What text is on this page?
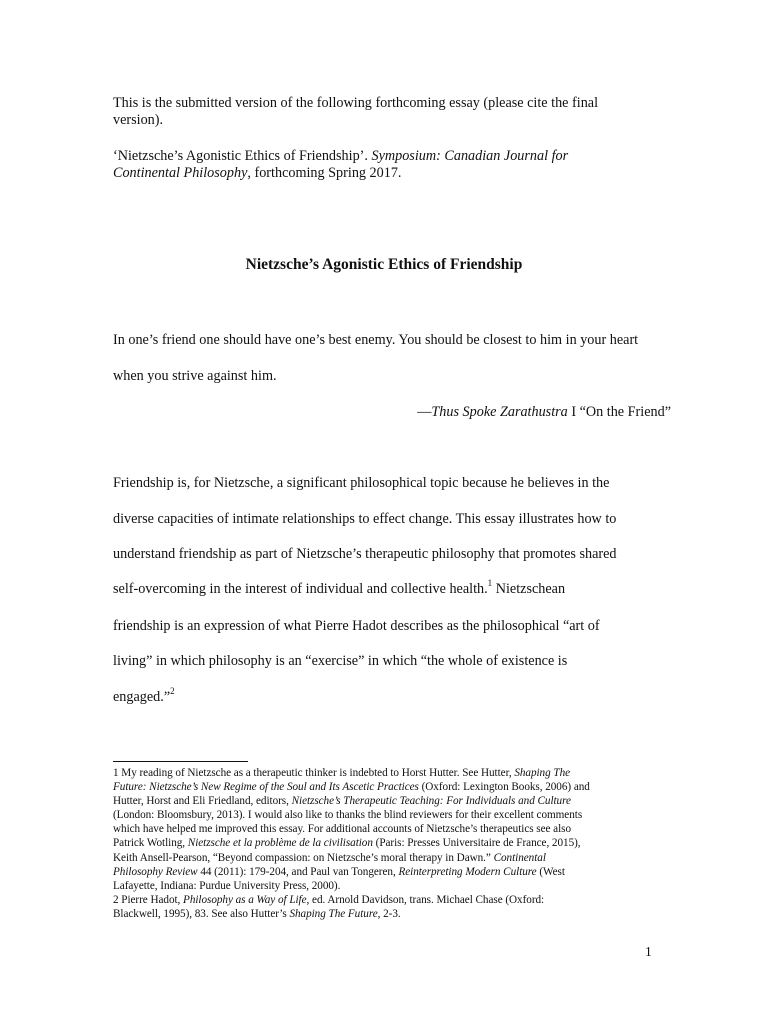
This is the submitted version of the following forthcoming essay (please cite the final
version).
‘Nietzsche’s Agonistic Ethics of Friendship’. Symposium: Canadian Journal for
Continental Philosophy, forthcoming Spring 2017.
Nietzsche’s Agonistic Ethics of Friendship
In one’s friend one should have one’s best enemy. You should be closest to him in your heart
when you strive against him.
—Thus Spoke Zarathustra I “On the Friend”
Friendship is, for Nietzsche, a significant philosophical topic because he believes in the
diverse capacities of intimate relationships to effect change. This essay illustrates how to
understand friendship as part of Nietzsche’s therapeutic philosophy that promotes shared
self-overcoming in the interest of individual and collective health.$^1$ Nietzschean
friendship is an expression of what Pierre Hadot describes as the philosophical “art of
living” in which philosophy is an “exercise” in which “the whole of existence is
engaged.”$^2$
1 My reading of Nietzsche as a therapeutic thinker is indebted to Horst Hutter. See Hutter, Shaping The
Future: Nietzsche’s New Regime of the Soul and Its Ascetic Practices (Oxford: Lexington Books, 2006) and
Hutter, Horst and Eli Friedland, editors, Nietzsche’s Therapeutic Teaching: For Individuals and Culture
(London: Bloomsbury, 2013). I would also like to thanks the blind reviewers for their excellent comments
which have helped me improved this essay. For additional accounts of Nietzsche’s therapeutics see also
Patrick Wotling, Nietzsche et la problème de la civilisation (Paris: Presses Universitaire de France, 2015),
Keith Ansell-Pearson, “Beyond compassion: on Nietzsche’s moral therapy in Dawn.” Continental
Philosophy Review 44 (2011): 179-204, and Paul van Tongeren, Reinterpreting Modern Culture (West
Lafayette, Indiana: Purdue University Press, 2000).
2 Pierre Hadot, Philosophy as a Way of Life, ed. Arnold Davidson, trans. Michael Chase (Oxford:
Blackwell, 1995), 83. See also Hutter’s Shaping The Future, 2-3.
1
